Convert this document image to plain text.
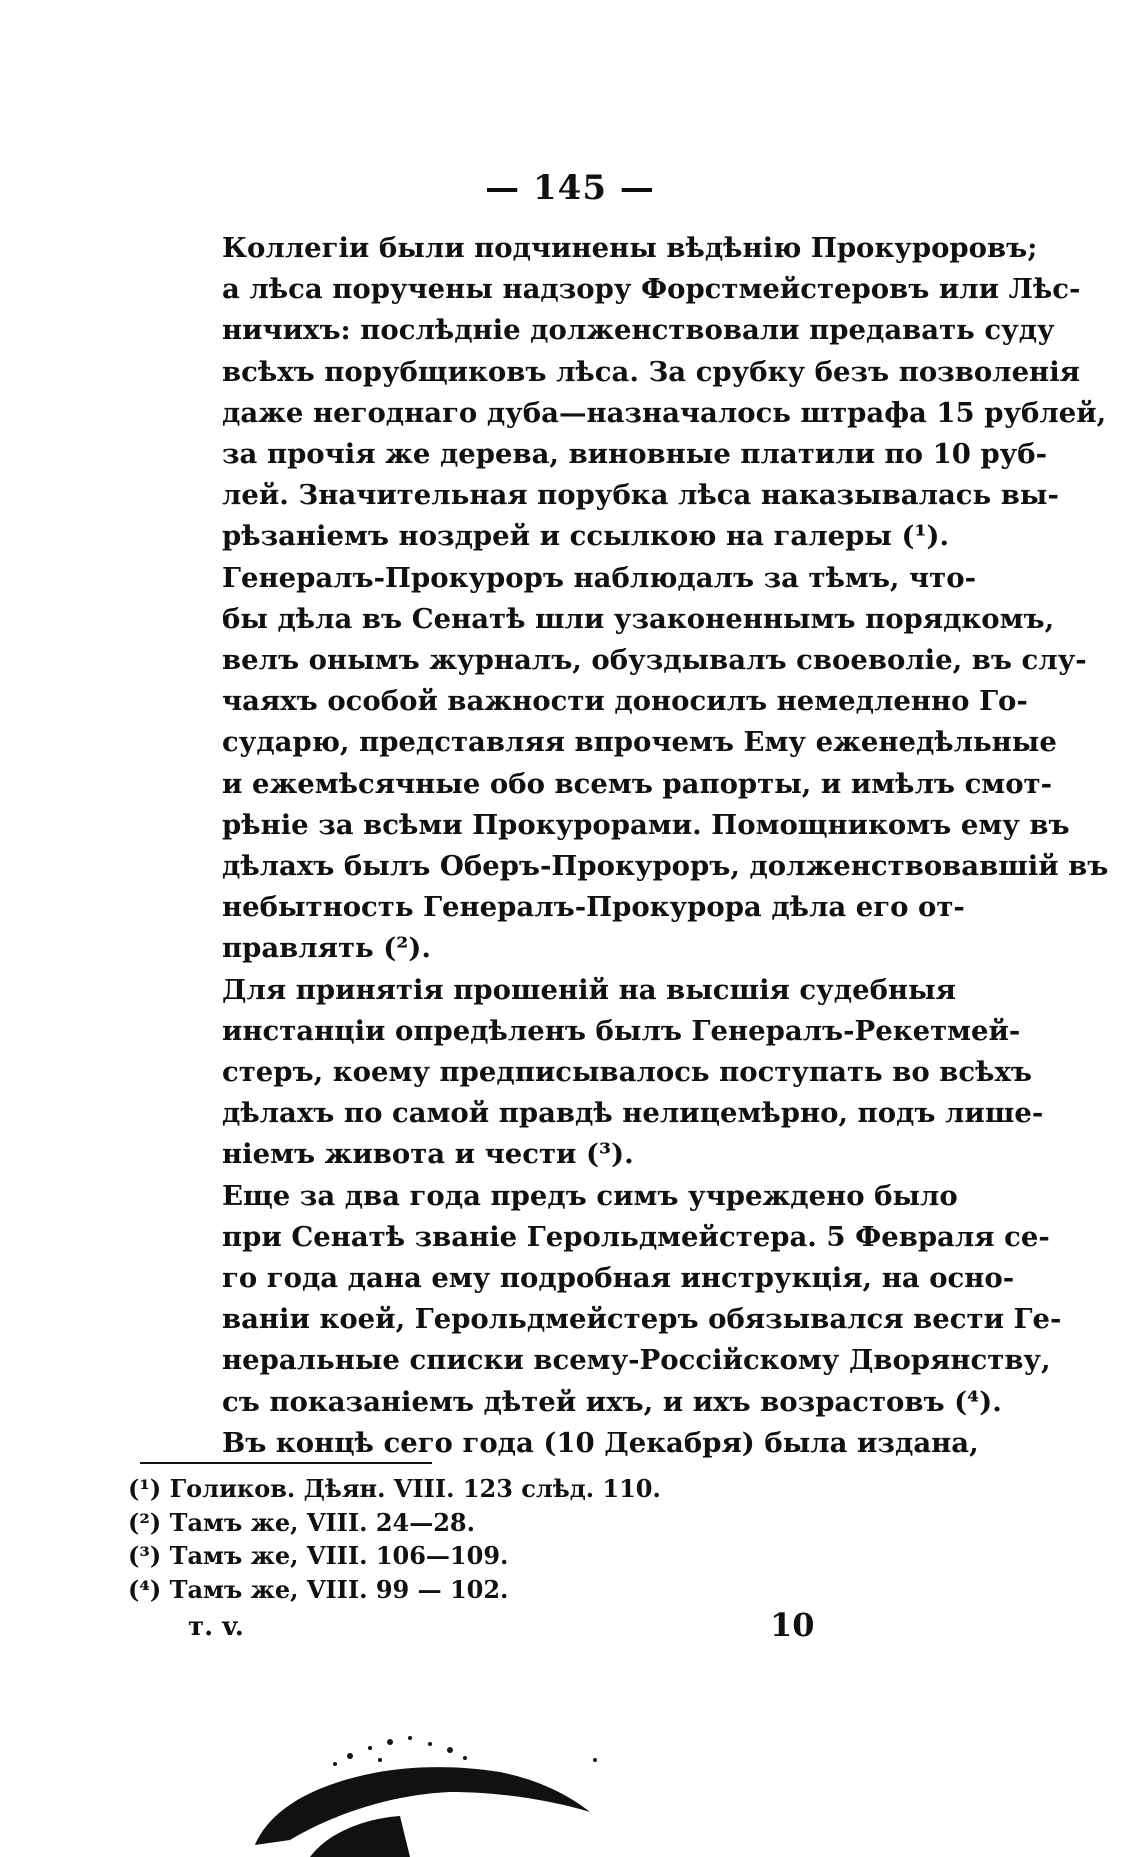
— 145 —

Коллегіи были подчинены вѣдѣнію Прокуроровъ;
а лѣса поручены надзору Форстмейстеровъ или Лѣс-
ничихъ: послѣдніе долженствовали предавать суду
всѣхъ порубщиковъ лѣса. За срубку безъ позволенія
даже негоднаго дуба—назначалось штрафа 15 рублей,
за прочія же дерева, виновные платили по 10 руб-
лей. Значительная порубка лѣса наказывалась вы-
рѣзаніемъ ноздрей и ссылкою на галеры (¹).

Генералъ-Прокуроръ наблюдалъ за тѣмъ, что-
бы дѣла въ Сенатѣ шли узаконеннымъ порядкомъ,
велъ онымъ журналъ, обуздывалъ своеволіе, въ слу-
чаяхъ особой важности доносилъ немедленно Го-
сударю, представляя впрочемъ Ему еженедѣльные
и ежемѣсячные обо всемъ рапорты, и имѣлъ смот-
рѣніе за всѣми Прокурорами. Помощникомъ ему въ
дѣлахъ былъ Оберъ-Прокуроръ, долженствовавшій въ
небытность Генералъ-Прокурора дѣла его от-
правлять (²).

Для принятія прошеній на высшія судебныя
инстанціи опредѣленъ былъ Генералъ-Рекетмей-
стеръ, коему предписывалось поступать во всѣхъ
дѣлахъ по самой правдѣ нелицемѣрно, подъ лише-
ніемъ живота и чести (³).

Еще за два года предъ симъ учреждено было
при Сенатѣ званіе Герольдмейстера. 5 Февраля се-
го года дана ему подробная инструкція, на осно-
ваніи коей, Герольдмейстеръ обязывался вести Ге-
неральные списки всему-Россійскому Дворянству,
съ показаніемъ дѣтей ихъ, и ихъ возрастовъ (⁴).

Въ концѣ сего года (10 Декабря) была издана,

(¹) Голиков. Дѣян. VIII. 123 слѣд. 110.
(²) Тамъ же, VIII. 24—28.
(³) Тамъ же, VIII. 106—109.
(⁴) Тамъ же, VIII. 99 — 102.
т. v.	10
